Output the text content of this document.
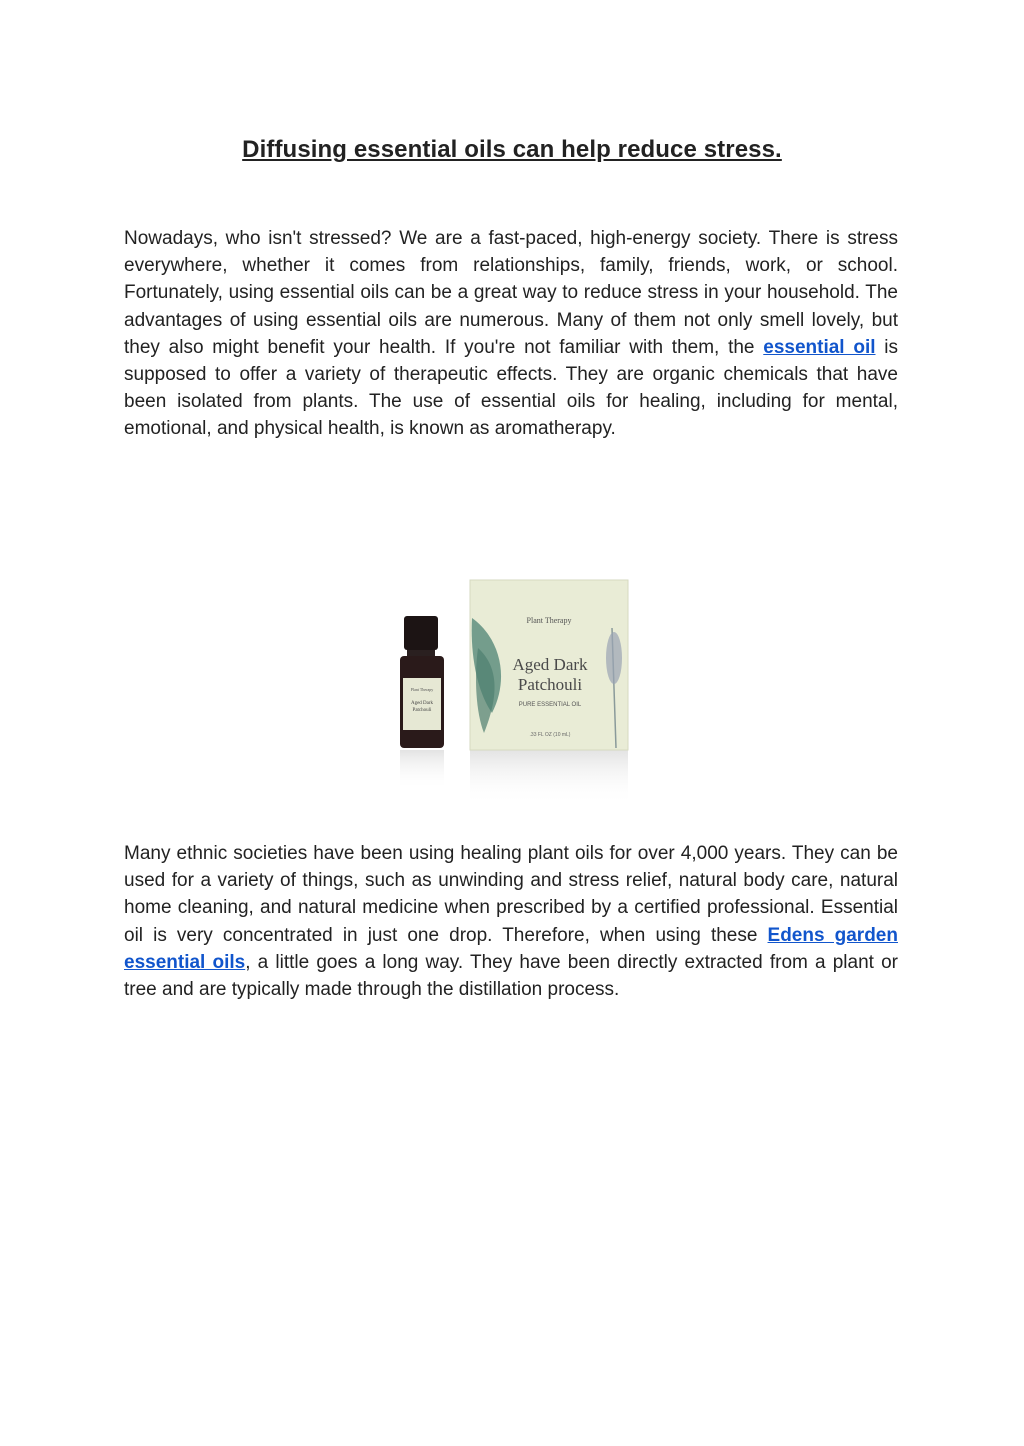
Diffusing essential oils can help reduce stress.

Nowadays, who isn't stressed? We are a fast-paced, high-energy society. There is stress everywhere, whether it comes from relationships, family, friends, work, or school. Fortunately, using essential oils can be a great way to reduce stress in your household. The advantages of using essential oils are numerous. Many of them not only smell lovely, but they also might benefit your health. If you're not familiar with them, the essential oil is supposed to offer a variety of therapeutic effects. They are organic chemicals that have been isolated from plants. The use of essential oils for healing, including for mental, emotional, and physical health, is known as aromatherapy.

Plant Therapy
Aged Dark
Patchouli
PURE ESSENTIAL OIL
.33 FL OZ (10 mL)
Plant Therapy
Aged Dark
Patchouli

Many ethnic societies have been using healing plant oils for over 4,000 years. They can be used for a variety of things, such as unwinding and stress relief, natural body care, natural home cleaning, and natural medicine when prescribed by a certified professional. Essential oil is very concentrated in just one drop. Therefore, when using these Edens garden essential oils, a little goes a long way. They have been directly extracted from a plant or tree and are typically made through the distillation process.
